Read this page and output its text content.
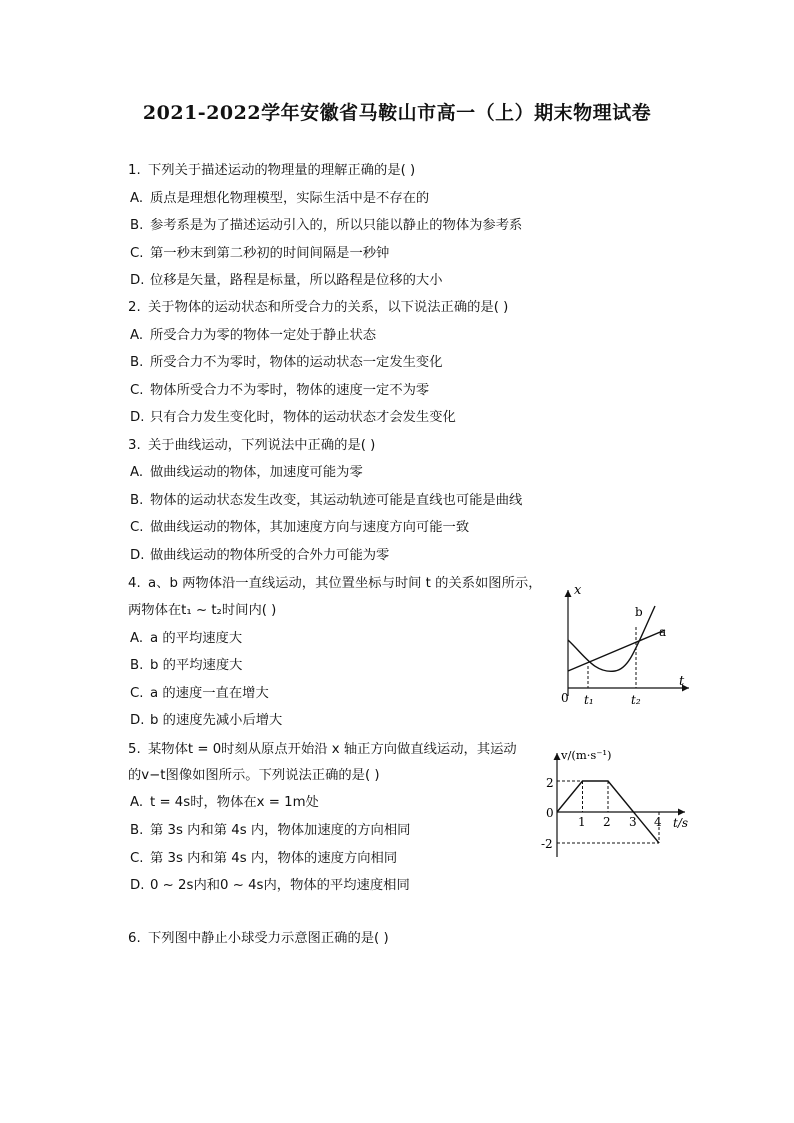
2021-2022学年安徽省马鞍山市高一（上）期末物理试卷
1. 下列关于描述运动的物理量的理解正确的是( )
A. 质点是理想化物理模型，实际生活中是不存在的
B. 参考系是为了描述运动引入的，所以只能以静止的物体为参考系
C. 第一秒末到第二秒初的时间间隔是一秒钟
D. 位移是矢量，路程是标量，所以路程是位移的大小
2. 关于物体的运动状态和所受合力的关系，以下说法正确的是( )
A. 所受合力为零的物体一定处于静止状态
B. 所受合力不为零时，物体的运动状态一定发生变化
C. 物体所受合力不为零时，物体的速度一定不为零
D. 只有合力发生变化时，物体的运动状态才会发生变化
3. 关于曲线运动，下列说法中正确的是( )
A. 做曲线运动的物体，加速度可能为零
B. 物体的运动状态发生改变，其运动轨迹可能是直线也可能是曲线
C. 做曲线运动的物体，其加速度方向与速度方向可能一致
D. 做曲线运动的物体所受的合外力可能为零
4. a、b 两物体沿一直线运动，其位置坐标与时间 t 的关系如图所示，
两物体在t₁ ~ t₂时间内( )
A. a 的平均速度大
B. b 的平均速度大
C. a 的速度一直在增大
D. b 的速度先减小后增大
x
t
0 t₁	t₂
a
b
5. 某物体t = 0时刻从原点开始沿 x 轴正方向做直线运动，其运动
的v−t图像如图所示。下列说法正确的是( )
A. t = 4s时，物体在x = 1m处
B. 第 3s 内和第 4s 内，物体加速度的方向相同
C. 第 3s 内和第 4s 内，物体的速度方向相同
D. 0 ~ 2s内和0 ~ 4s内，物体的平均速度相同
v/(m·s⁻¹)
t/s
0
2
-2
1 2 3 4
6. 下列图中静止小球受力示意图正确的是( )
